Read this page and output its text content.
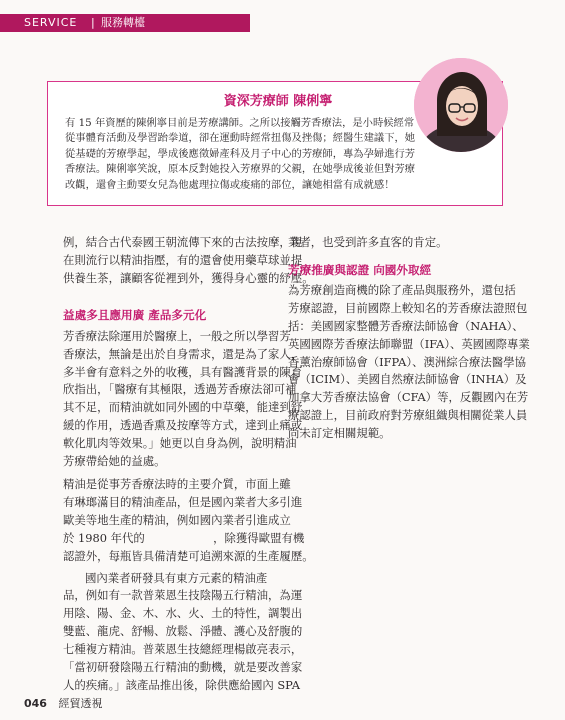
SERVICE | 服務轉檯
資深芳療師 陳俐寧
有 15 年資歷的陳俐寧目前是芳療講師。之所以接觸芳香療法，是小時候經常
從事體育活動及學習跆拳道，卻在運動時經常扭傷及挫傷；經醫生建議下，她
從基礎的芳療學起，學成後應徵婦產科及月子中心的芳療師，專為孕婦進行芳
香療法。陳俐寧笑說，原本反對她投入芳療界的父親，在她學成後並但對芳療
改觀，還會主動要女兒為他處理拉傷或痠痛的部位，讓她相當有成就感！
例，結合古代泰國王朝流傳下來的古法按摩，現
在則流行以精油指壓，有的還會使用藥草球並提
供養生茶，讓顧客從裡到外，獲得身心靈的紓壓。
益處多且應用廣 產品多元化
芳香療法除運用於醫療上，一般之所以學習芳
香療法，無論是出於自身需求，還是為了家人，
多半會有意料之外的收穫，具有醫護背景的陳育
欣指出，「醫療有其極限，透過芳香療法卻可補
其不足，而精油就如同外國的中草藥，能達到舒
緩的作用，透過香熏及按摩等方式，達到止痛或
軟化肌肉等效果。」她更以自身為例，說明精油
芳療帶給她的益處。
精油是從事芳香療法時的主要介質，市面上雖
有琳瑯滿目的精油產品，但是國內業者大多引進
歐美等地生產的精油，例如國內業者引進成立
於 1980 年代的　　　　　　，除獲得歐盟有機
認證外，每瓶皆具備清楚可追溯來源的生產履歷。
國內業者研發具有東方元素的精油產
品，例如有一款普萊恩生技陰陽五行精油，為運
用陰、陽、金、木、水、火、土的特性，調製出
雙藍、龍虎、舒暢、放鬆、淨體、護心及舒腹的
七種複方精油。普萊恩生技總經理楊啟亮表示，
「當初研發陰陽五行精油的動機，就是要改善家
人的疾痛。」該產品推出後，除供應給國內 SPA
業者，也受到許多直客的肯定。
芳療推廣與認證 向國外取經
為芳療創造商機的除了產品與服務外，還包括
芳療認證，目前國際上較知名的芳香療法證照包
括：美國國家整體芳香療法師協會（NAHA）、
英國國際芳香療法師聯盟（IFA）、英國國際專業
香薰治療師協會（IFPA）、澳洲綜合療法醫學協
會（ICIM）、美國自然療法師協會（INHA）及
加拿大芳香療法協會（CFA）等，反觀國內在芳
療認證上，目前政府對芳療組織與相關從業人員
尚未訂定相關規範。
046 經貿透視
